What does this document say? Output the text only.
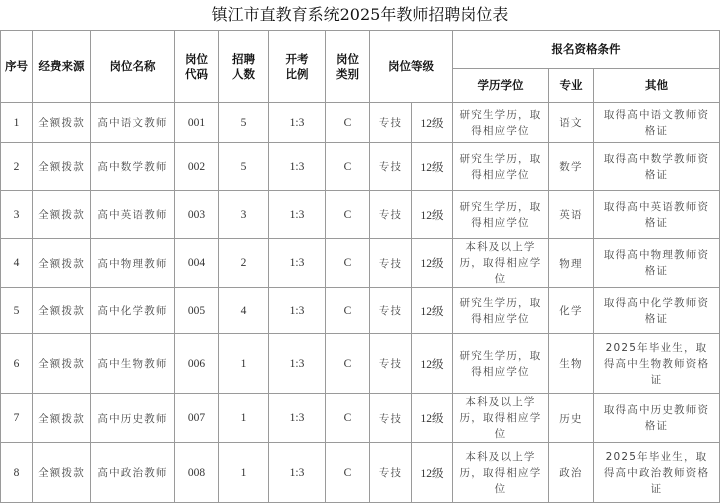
镇江市直教育系统2025年教师招聘岗位表
序号	经费来源	岗位名称	岗位代码	招聘人数	开考比例	岗位类别	岗位等级		报名资格条件		
									学历学位	专业	其他
1	全额拨款	高中语文教师	001	5	1:3	C	专技	12级	研究生学历，取得相应学位	语文	取得高中语文教师资格证
2	全额拨款	高中数学教师	002	5	1:3	C	专技	12级	研究生学历，取得相应学位	数学	取得高中数学教师资格证
3	全额拨款	高中英语教师	003	3	1:3	C	专技	12级	研究生学历，取得相应学位	英语	取得高中英语教师资格证
4	全额拨款	高中物理教师	004	2	1:3	C	专技	12级	本科及以上学历，取得相应学位	物理	取得高中物理教师资格证
5	全额拨款	高中化学教师	005	4	1:3	C	专技	12级	研究生学历，取得相应学位	化学	取得高中化学教师资格证
6	全额拨款	高中生物教师	006	1	1:3	C	专技	12级	研究生学历，取得相应学位	生物	2025年毕业生，取得高中生物教师资格证
7	全额拨款	高中历史教师	007	1	1:3	C	专技	12级	本科及以上学历，取得相应学位	历史	取得高中历史教师资格证
8	全额拨款	高中政治教师	008	1	1:3	C	专技	12级	本科及以上学历，取得相应学位	政治	2025年毕业生，取得高中政治教师资格证
